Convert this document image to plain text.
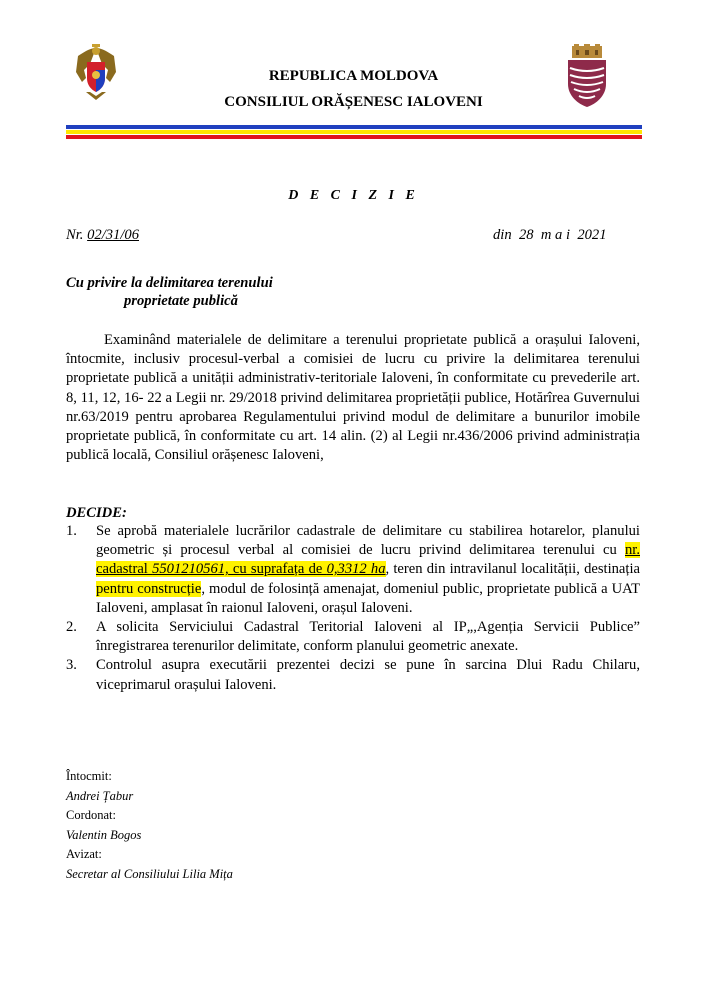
REPUBLICA MOLDOVA
CONSILIUL ORĂȘENESC IALOVENI
D E C I Z I E
Nr. 02/31/06	din  28  m a i  2021
Cu privire la delimitarea terenului
proprietate publică

Examinând materialele de delimitare a terenului proprietate publică a orașului Ialoveni, întocmite, inclusiv procesul-verbal a comisiei de lucru cu privire la delimitarea terenului proprietate publică a unității administrativ-teritoriale Ialoveni, în conformitate cu prevederile art. 8, 11, 12, 16- 22 a Legii nr. 29/2018 privind delimitarea proprietății publice, Hotărîrea Guvernului nr.63/2019 pentru aprobarea Regulamentului privind modul de delimitare a bunurilor imobile proprietate publică, în conformitate cu art. 14 alin. (2) al Legii nr.436/2006 privind administrația publică locală, Consiliul orășenesc Ialoveni,

DECIDE:
1. Se aprobă materialele lucrărilor cadastrale de delimitare cu stabilirea hotarelor, planului geometric și procesul verbal al comisiei de lucru privind delimitarea terenului cu nr. cadastral 5501210561, cu suprafața de 0,3312 ha, teren din intravilanul localității, destinația pentru construcție, modul de folosință amenajat, domeniul public, proprietate publică a UAT Ialoveni, amplasat în raionul Ialoveni, orașul Ialoveni.
2. A solicita Serviciului Cadastral Teritorial Ialoveni al IP„,Agenția Servicii Publice” înregistrarea terenurilor delimitate, conform planului geometric anexate.
3. Controlul asupra executării prezentei decizi se pune în sarcina Dlui Radu Chilaru, viceprimarul orașului Ialoveni.
Întocmit:
Andrei Țabur
Cordonat:
Valentin Bogos
Avizat:
Secretar al Consiliului Lilia Mița
